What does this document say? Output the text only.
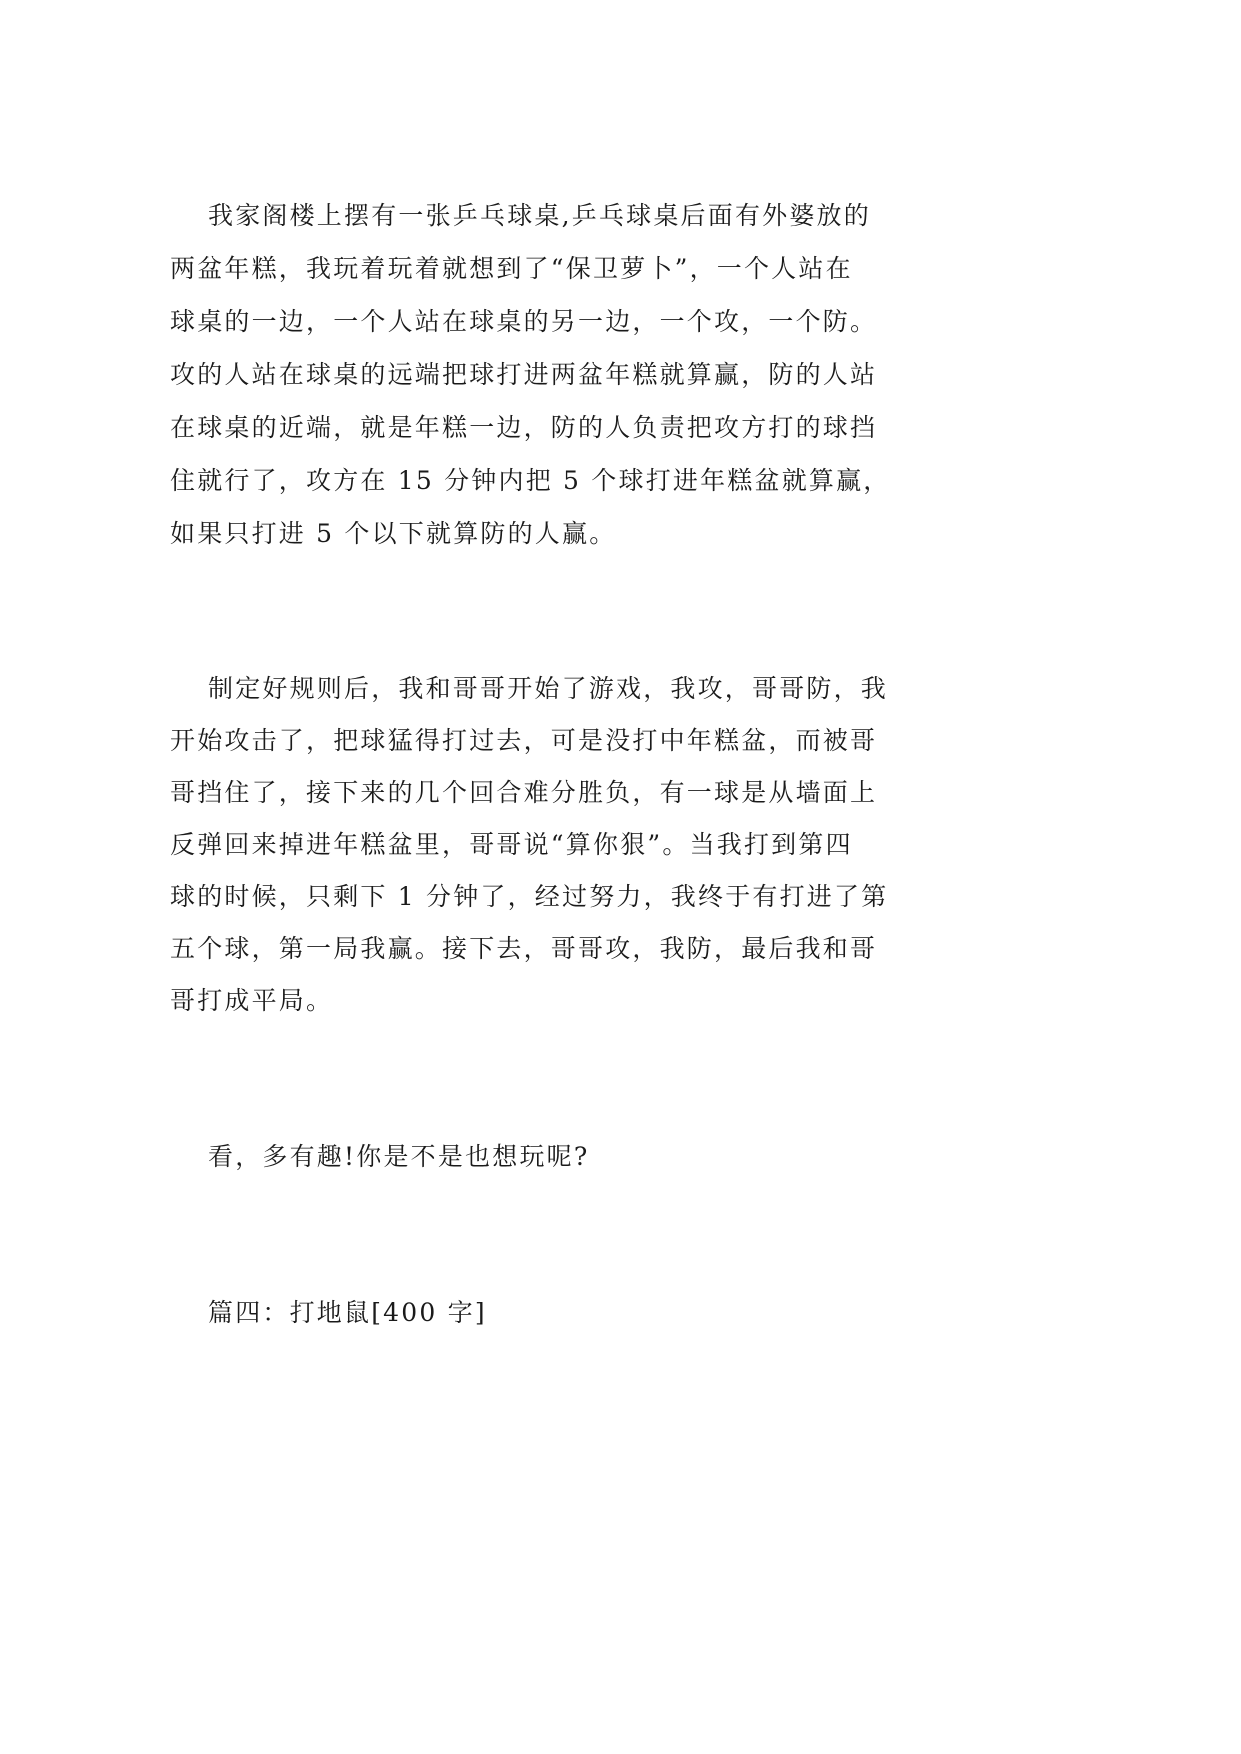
我家阁楼上摆有一张乒乓球桌,乒乓球桌后面有外婆放的
两盆年糕，我玩着玩着就想到了“保卫萝卜”，一个人站在
球桌的一边，一个人站在球桌的另一边，一个攻，一个防。
攻的人站在球桌的远端把球打进两盆年糕就算赢，防的人站
在球桌的近端，就是年糕一边，防的人负责把攻方打的球挡
住就行了，攻方在 15 分钟内把 5 个球打进年糕盆就算赢，
如果只打进 5 个以下就算防的人赢。
制定好规则后，我和哥哥开始了游戏，我攻，哥哥防，我
开始攻击了，把球猛得打过去，可是没打中年糕盆，而被哥
哥挡住了，接下来的几个回合难分胜负，有一球是从墙面上
反弹回来掉进年糕盆里，哥哥说“算你狠”。当我打到第四
球的时候，只剩下 1 分钟了，经过努力，我终于有打进了第
五个球，第一局我赢。接下去，哥哥攻，我防，最后我和哥
哥打成平局。
看，多有趣!你是不是也想玩呢?
篇四：打地鼠[400 字]
